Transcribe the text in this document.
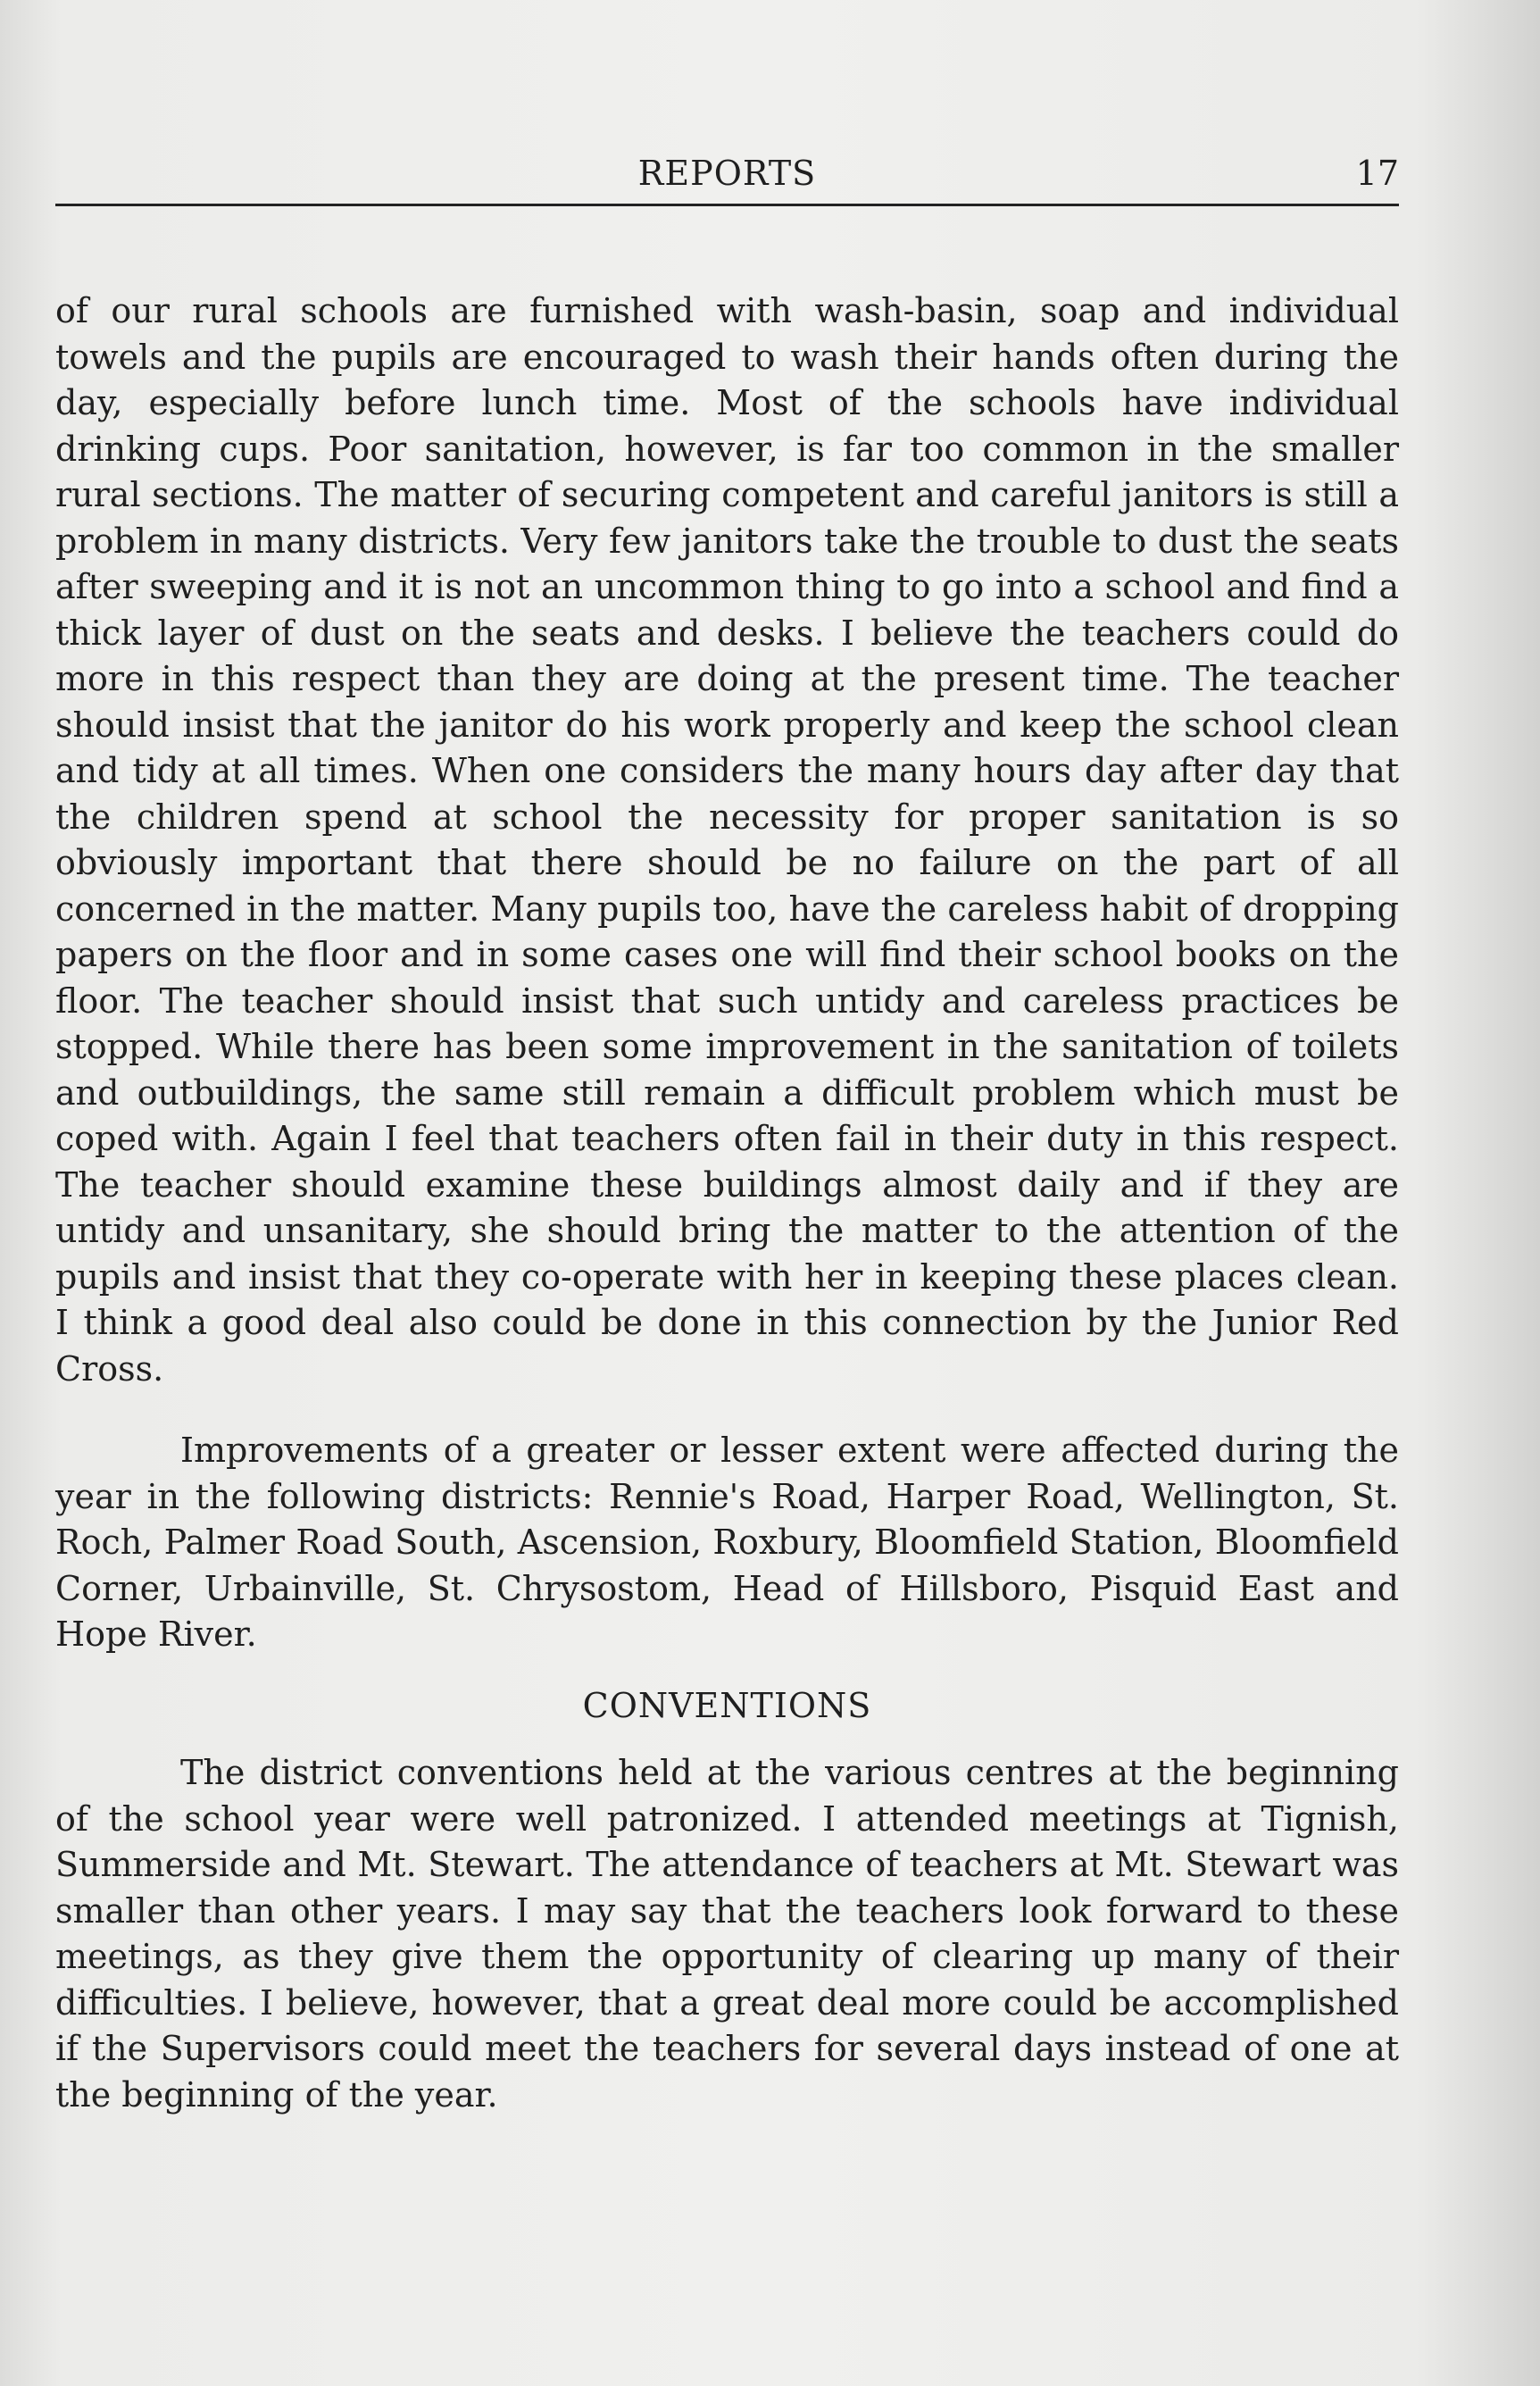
REPORTS	17

of our rural schools are furnished with wash-basin, soap and individual towels and the pupils are encouraged to wash their hands often during the day, especially before lunch time. Most of the schools have individual drinking cups. Poor sanitation, however, is far too common in the smaller rural sections. The matter of securing competent and careful janitors is still a problem in many districts. Very few janitors take the trouble to dust the seats after sweeping and it is not an uncommon thing to go into a school and find a thick layer of dust on the seats and desks. I believe the teachers could do more in this respect than they are doing at the present time. The teacher should insist that the janitor do his work properly and keep the school clean and tidy at all times. When one considers the many hours day after day that the children spend at school the necessity for proper sanitation is so obviously important that there should be no failure on the part of all concerned in the matter. Many pupils too, have the careless habit of dropping papers on the floor and in some cases one will find their school books on the floor. The teacher should insist that such untidy and careless practices be stopped. While there has been some improvement in the sanitation of toilets and outbuildings, the same still remain a difficult problem which must be coped with. Again I feel that teachers often fail in their duty in this respect. The teacher should examine these buildings almost daily and if they are untidy and unsanitary, she should bring the matter to the attention of the pupils and insist that they co-operate with her in keeping these places clean. I think a good deal also could be done in this connection by the Junior Red Cross.

Improvements of a greater or lesser extent were affected during the year in the following districts: Rennie's Road, Harper Road, Wellington, St. Roch, Palmer Road South, Ascension, Roxbury, Bloomfield Station, Bloomfield Corner, Urbainville, St. Chrysostom, Head of Hillsboro, Pisquid East and Hope River.

CONVENTIONS

The district conventions held at the various centres at the beginning of the school year were well patronized. I attended meetings at Tignish, Summerside and Mt. Stewart. The attendance of teachers at Mt. Stewart was smaller than other years. I may say that the teachers look forward to these meetings, as they give them the opportunity of clearing up many of their difficulties. I believe, however, that a great deal more could be accomplished if the Supervisors could meet the teachers for several days instead of one at the beginning of the year.
